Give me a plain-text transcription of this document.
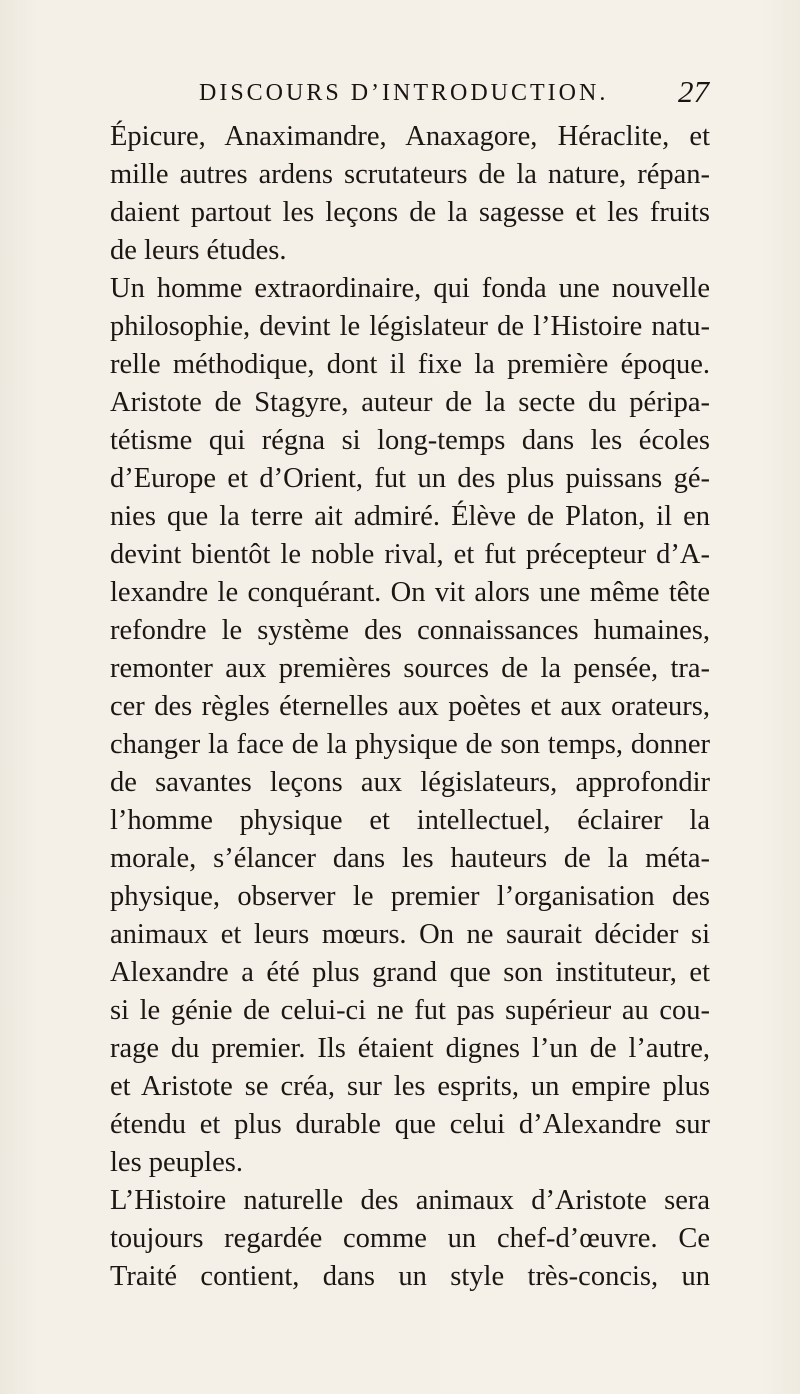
DISCOURS D’INTRODUCTION. 27
Épicure, Anaximandre, Anaxagore, Héraclite, et
mille autres ardens scrutateurs de la nature, répan-
daient partout les leçons de la sagesse et les fruits
de leurs études.
Un homme extraordinaire, qui fonda une nouvelle
philosophie, devint le législateur de l’Histoire natu-
relle méthodique, dont il fixe la première époque.
Aristote de Stagyre, auteur de la secte du péripa-
tétisme qui régna si long-temps dans les écoles
d’Europe et d’Orient, fut un des plus puissans gé-
nies que la terre ait admiré. Élève de Platon, il en
devint bientôt le noble rival, et fut précepteur d’A-
lexandre le conquérant. On vit alors une même tête
refondre le système des connaissances humaines,
remonter aux premières sources de la pensée, tra-
cer des règles éternelles aux poètes et aux orateurs,
changer la face de la physique de son temps, donner
de savantes leçons aux législateurs, approfondir
l’homme physique et intellectuel, éclairer la
morale, s’élancer dans les hauteurs de la méta-
physique, observer le premier l’organisation des
animaux et leurs mœurs. On ne saurait décider si
Alexandre a été plus grand que son instituteur, et
si le génie de celui-ci ne fut pas supérieur au cou-
rage du premier. Ils étaient dignes l’un de l’autre,
et Aristote se créa, sur les esprits, un empire plus
étendu et plus durable que celui d’Alexandre sur
les peuples.
L’Histoire naturelle des animaux d’Aristote sera
toujours regardée comme un chef-d’œuvre. Ce
Traité contient, dans un style très-concis, un
